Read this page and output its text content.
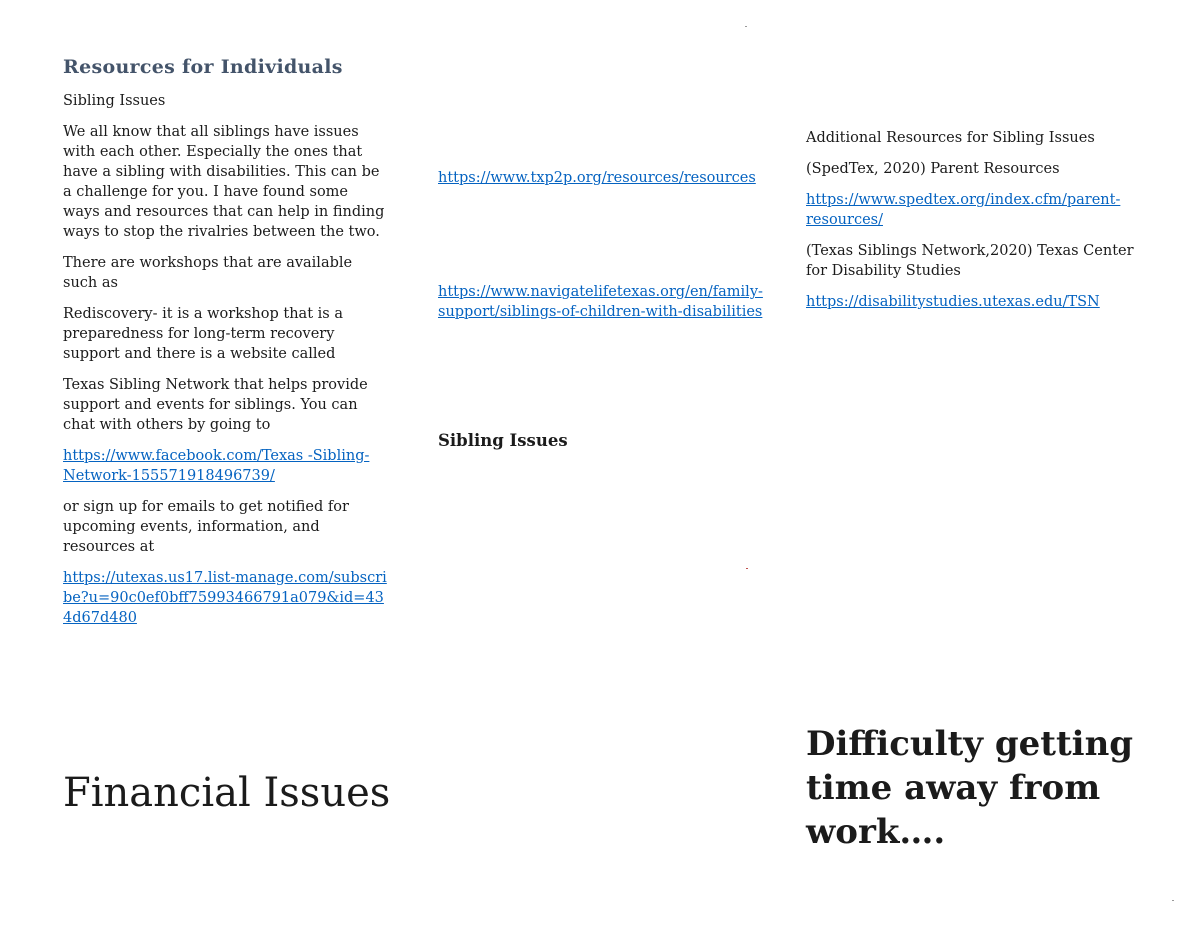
Resources for Individuals

Sibling Issues

We all know that all siblings have issues with each other. Especially the ones that have a sibling with disabilities. This can be a challenge for you. I have found some ways and resources that can help in finding ways to stop the rivalries between the two.

There are workshops that are available such as

Rediscovery- it is a workshop that is a preparedness for long-term recovery support and there is a website called

Texas Sibling Network that helps provide support and events for siblings. You can chat with others by going to

https://www.facebook.com/Texas -Sibling-Network-155571918496739/

or sign up for emails to get notified for upcoming events, information, and resources at

https://utexas.us17.list-manage.com/subscribe?u=90c0ef0bff75993466791a079&id=434d67d480

Financial Issues

https://www.txp2p.org/resources/resources

https://www.navigatelifetexas.org/en/family-support/siblings-of-children-with-disabilities

Sibling Issues

Additional Resources for Sibling Issues

(SpedTex, 2020) Parent Resources

https://www.spedtex.org/index.cfm/parent-resources/

(Texas Siblings Network,2020) Texas Center for Disability Studies

https://disabilitystudies.utexas.edu/TSN

Difficulty getting time away from work….
